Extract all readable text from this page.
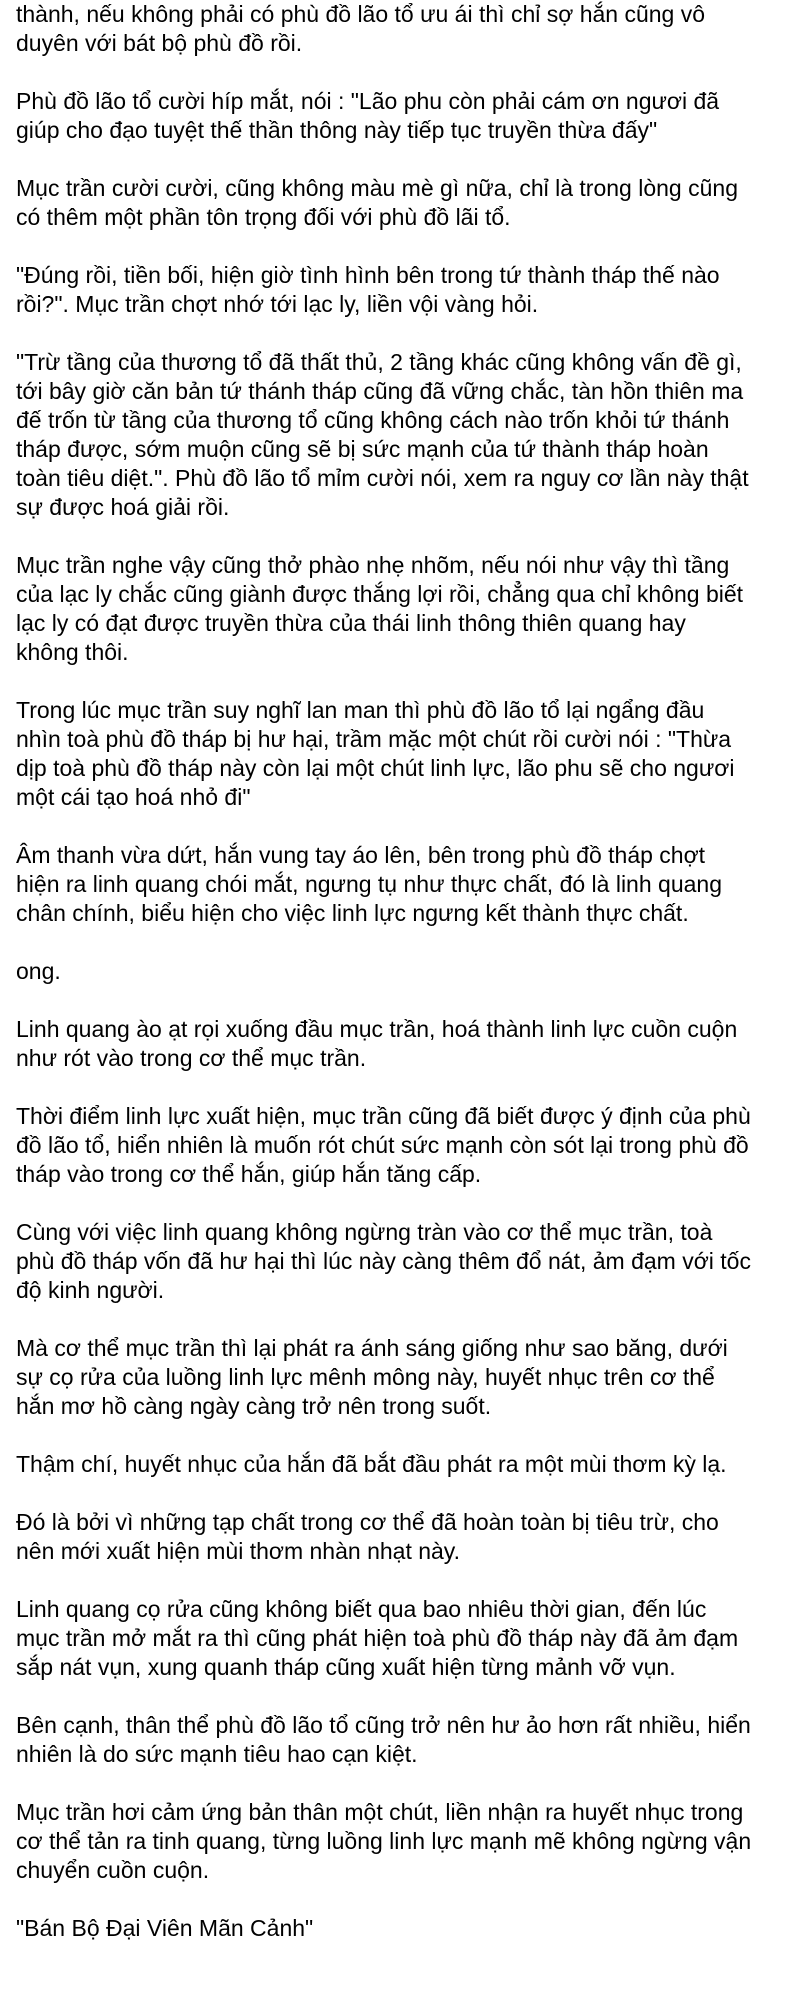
thành, nếu không phải có phù đồ lão tổ ưu ái thì chỉ sợ hắn cũng vô
duyên với bát bộ phù đồ rồi.

Phù đồ lão tổ cười híp mắt, nói : "Lão phu còn phải cám ơn ngươi đã
giúp cho đạo tuyệt thế thần thông này tiếp tục truyền thừa đấy"

Mục trần cười cười, cũng không màu mè gì nữa, chỉ là trong lòng cũng
có thêm một phần tôn trọng đối với phù đồ lãi tổ.

"Đúng rồi, tiền bối, hiện giờ tình hình bên trong tứ thành tháp thế nào
rồi?". Mục trần chợt nhớ tới lạc ly, liền vội vàng hỏi.

"Trừ tầng của thương tổ đã thất thủ, 2 tầng khác cũng không vấn đề gì,
tới bây giờ căn bản tứ thánh tháp cũng đã vững chắc, tàn hồn thiên ma
đế trốn từ tầng của thương tổ cũng không cách nào trốn khỏi tứ thánh
tháp được, sớm muộn cũng sẽ bị sức mạnh của tứ thành tháp hoàn
toàn tiêu diệt.". Phù đồ lão tổ mỉm cười nói, xem ra nguy cơ lần này thật
sự được hoá giải rồi.

Mục trần nghe vậy cũng thở phào nhẹ nhõm, nếu nói như vậy thì tầng
của lạc ly chắc cũng giành được thắng lợi rồi, chẳng qua chỉ không biết
lạc ly có đạt được truyền thừa của thái linh thông thiên quang hay
không thôi.

Trong lúc mục trần suy nghĩ lan man thì phù đồ lão tổ lại ngẩng đầu
nhìn toà phù đồ tháp bị hư hại, trầm mặc một chút rồi cười nói : "Thừa
dịp toà phù đồ tháp này còn lại một chút linh lực, lão phu sẽ cho ngươi
một cái tạo hoá nhỏ đi"

Âm thanh vừa dứt, hắn vung tay áo lên, bên trong phù đồ tháp chợt
hiện ra linh quang chói mắt, ngưng tụ như thực chất, đó là linh quang
chân chính, biểu hiện cho việc linh lực ngưng kết thành thực chất.

ong.

Linh quang ào ạt rọi xuống đầu mục trần, hoá thành linh lực cuồn cuộn
như rót vào trong cơ thể mục trần.

Thời điểm linh lực xuất hiện, mục trần cũng đã biết được ý định của phù
đồ lão tổ, hiển nhiên là muốn rót chút sức mạnh còn sót lại trong phù đồ
tháp vào trong cơ thể hắn, giúp hắn tăng cấp.

Cùng với việc linh quang không ngừng tràn vào cơ thể mục trần, toà
phù đồ tháp vốn đã hư hại thì lúc này càng thêm đổ nát, ảm đạm với tốc
độ kinh người.

Mà cơ thể mục trần thì lại phát ra ánh sáng giống như sao băng, dưới
sự cọ rửa của luồng linh lực mênh mông này, huyết nhục trên cơ thể
hắn mơ hồ càng ngày càng trở nên trong suốt.

Thậm chí, huyết nhục của hắn đã bắt đầu phát ra một mùi thơm kỳ lạ.

Đó là bởi vì những tạp chất trong cơ thể đã hoàn toàn bị tiêu trừ, cho
nên mới xuất hiện mùi thơm nhàn nhạt này.

Linh quang cọ rửa cũng không biết qua bao nhiêu thời gian, đến lúc
mục trần mở mắt ra thì cũng phát hiện toà phù đồ tháp này đã ảm đạm
sắp nát vụn, xung quanh tháp cũng xuất hiện từng mảnh vỡ vụn.

Bên cạnh, thân thể phù đồ lão tổ cũng trở nên hư ảo hơn rất nhiều, hiển
nhiên là do sức mạnh tiêu hao cạn kiệt.

Mục trần hơi cảm ứng bản thân một chút, liền nhận ra huyết nhục trong
cơ thể tản ra tinh quang, từng luồng linh lực mạnh mẽ không ngừng vận
chuyển cuồn cuộn.

"Bán Bộ Đại Viên Mãn Cảnh"
